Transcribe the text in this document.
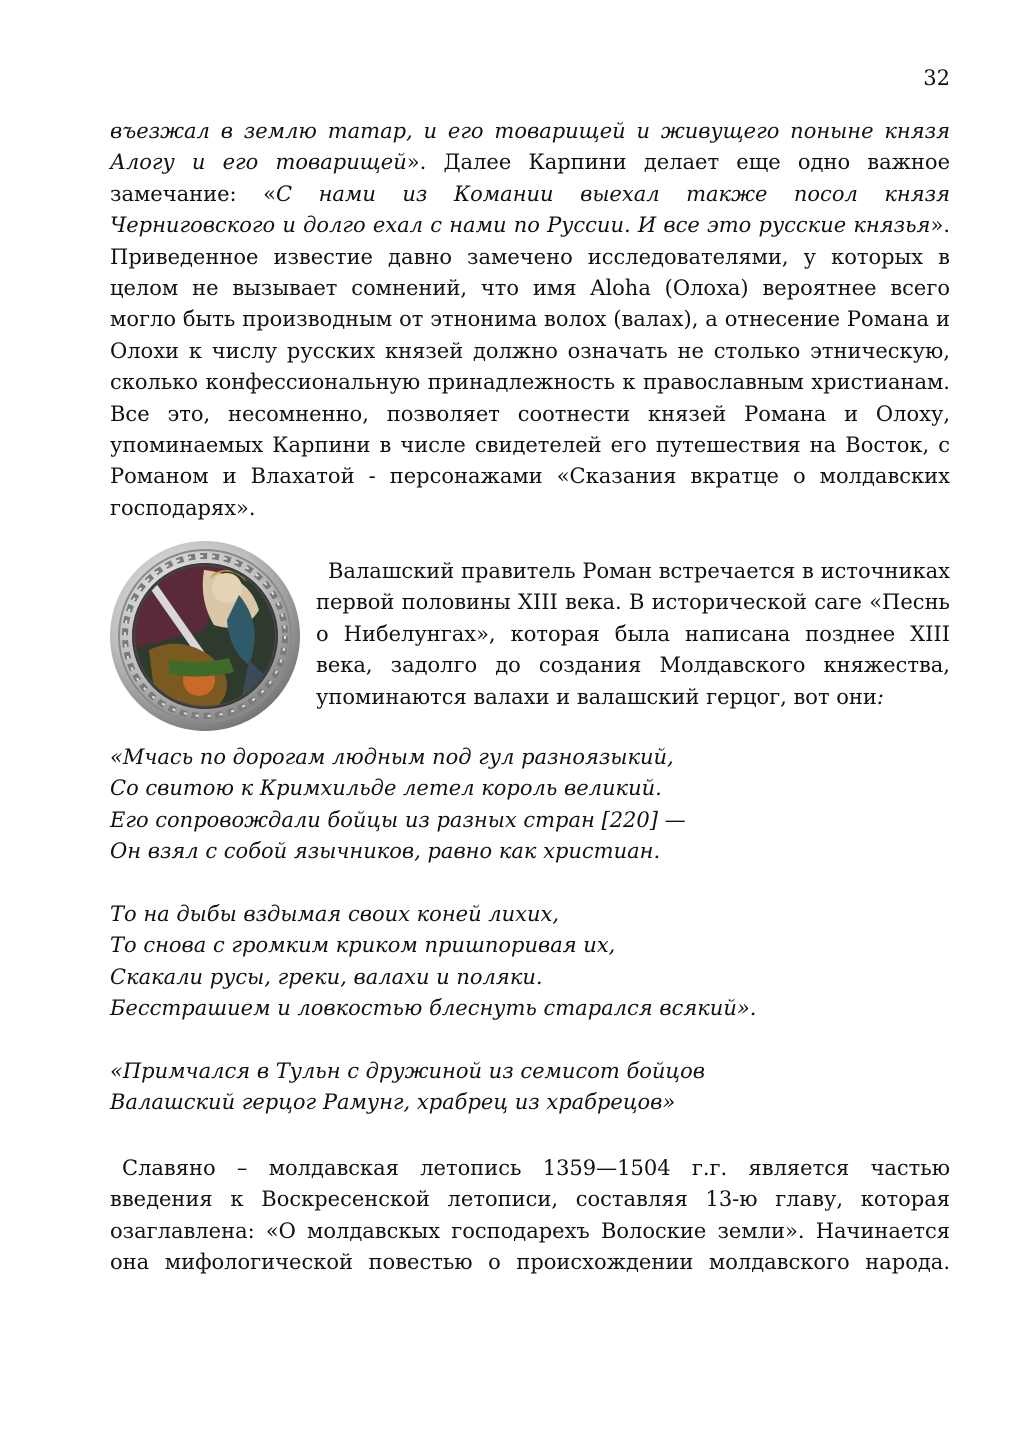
32

въезжал в землю татар, и его товарищей и живущего поныне князя Алогу и его товарищей». Далее Карпини делает еще одно важное замечание: «С нами из Комании выехал также посол князя Черниговского и долго ехал с нами по Руссии. И все это русские князья». Приведенное известие давно замечено исследователями, у которых в целом не вызывает сомнений, что имя Aloha (Олоха) вероятнее всего могло быть производным от этнонима волох (валах), а отнесение Романа и Олохи к числу русских князей должно означать не столько этническую, сколько конфессиональную принадлежность к православным христианам. Все это, несомненно, позволяет соотнести князей Романа и Олоху, упоминаемых Карпини в числе свидетелей его путешествия на Восток, с Романом и Влахатой - персонажами «Сказания вкратце о молдавских господарях».

Валашский правитель Роман встречается в источниках первой половины XIII века. В исторической саге «Песнь о Нибелунгах», которая была написана позднее XIII века, задолго до создания Молдавского княжества, упоминаются валахи и валашский герцог, вот они:

«Мчась по дорогам людным под гул разноязыкий,
Со свитою к Кримхильде летел король великий.
Его сопровождали бойцы из разных стран [220] —
Он взял с собой язычников, равно как христиан.
То на дыбы вздымая своих коней лихих,
То снова с громким криком пришпоривая их,
Скакали русы, греки, валахи и поляки.
Бесстрашием и ловкостью блеснуть старался всякий».
«Примчался в Тульн с дружиной из семисот бойцов
Валашский герцог Рамунг, храбрец из храбрецов»

Славяно – молдавская летопись 1359—1504 г.г. является частью введения к Воскресенской летописи, составляя 13-ю главу, которая озаглавлена: «О молдавскых господарехъ Волоские земли». Начинается она мифологической повестью о происхождении молдавского народа.
